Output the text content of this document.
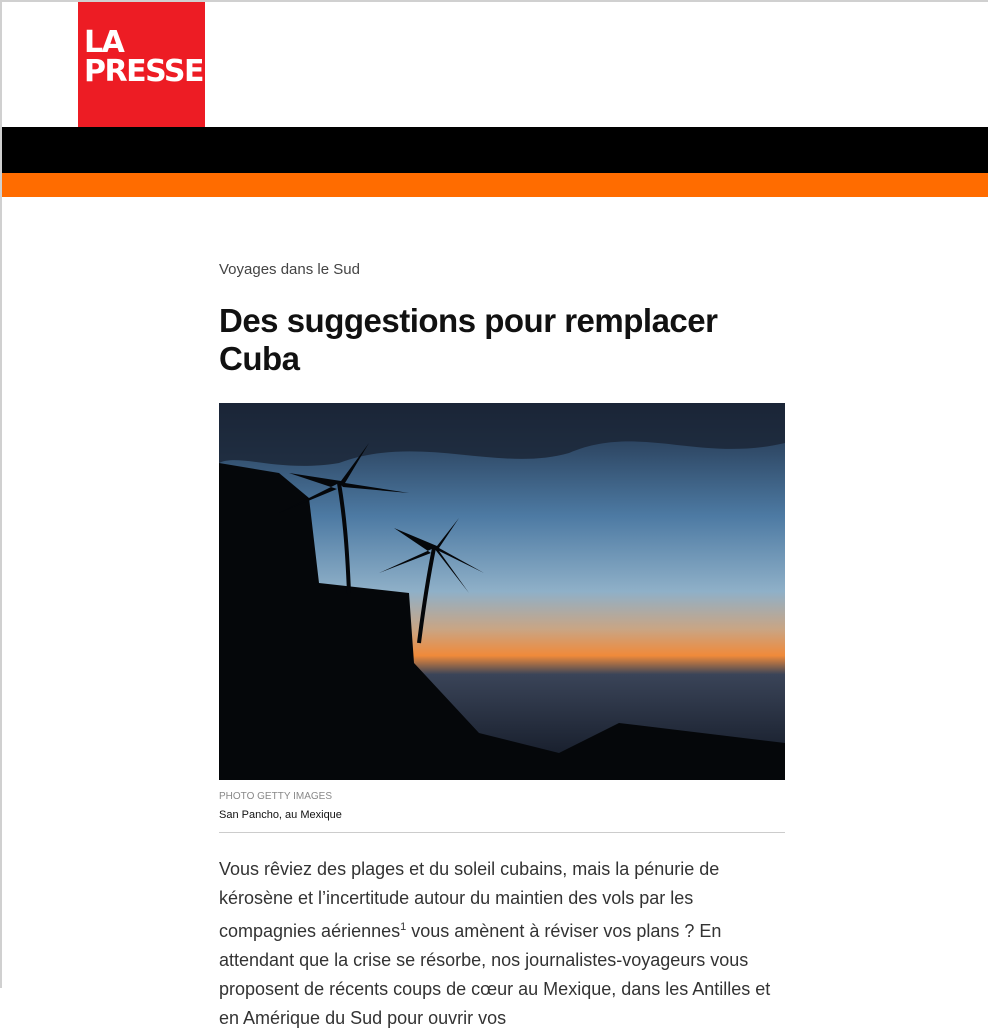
LA
PRESSE
Voyages dans le Sud
Des suggestions pour remplacer Cuba
PHOTO GETTY IMAGES
San Pancho, au Mexique

Vous rêviez des plages et du soleil cubains, mais la pénurie de kérosène et l’incertitude autour du maintien des vols par les compagnies aériennes$^1$ vous amènent à réviser vos plans ? En attendant que la crise se résorbe, nos journalistes-voyageurs vous proposent de récents coups de cœur au Mexique, dans les Antilles et en Amérique du Sud pour ouvrir vos
